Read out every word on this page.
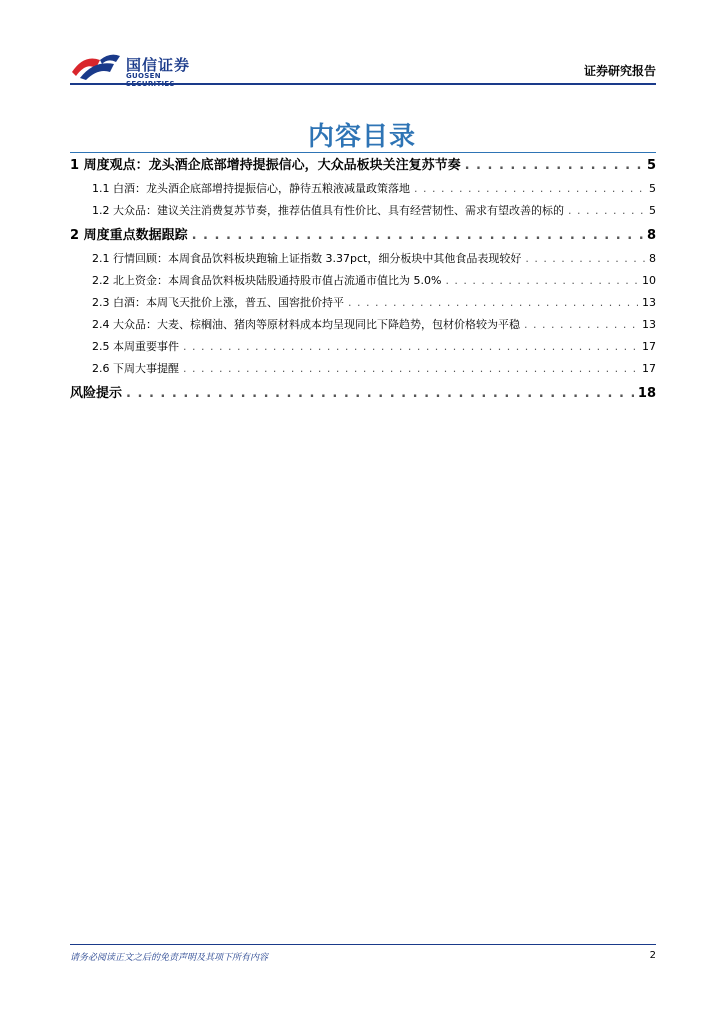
国信证券
GUOSEN	证券研究报告
内容目录
1 周度观点：龙头酒企底部增持提振信心，大众品板块关注复苏节奏 . . .	5
1.1 白酒：龙头酒企底部增持提振信心，静待五粮液减量政策落地 . . .	5
1.2 大众品：建议关注消费复苏节奏，推荐估值具有性价比、具有经营韧性、需求有望改善的标的 . . .	5
2 周度重点数据跟踪 . . .	8
2.1 行情回顾：本周食品饮料板块跑输上证指数 3.37pct，细分板块中其他食品表现较好 . . .	8
2.2 北上资金：本周食品饮料板块陆股通持股市值占流通市值比为 5.0% . . .	10
2.3 白酒：本周飞天批价上涨，普五、国窖批价持平 . . .	13
2.4 大众品：大麦、棕榈油、猪肉等原材料成本均呈现同比下降趋势，包材价格较为平稳 . . .	13
2.5 本周重要事件 . . .	17
2.6 下周大事提醒 . . .	17
风险提示 . . .	18
请务必阅读正文之后的免责声明及其项下所有内容	2
